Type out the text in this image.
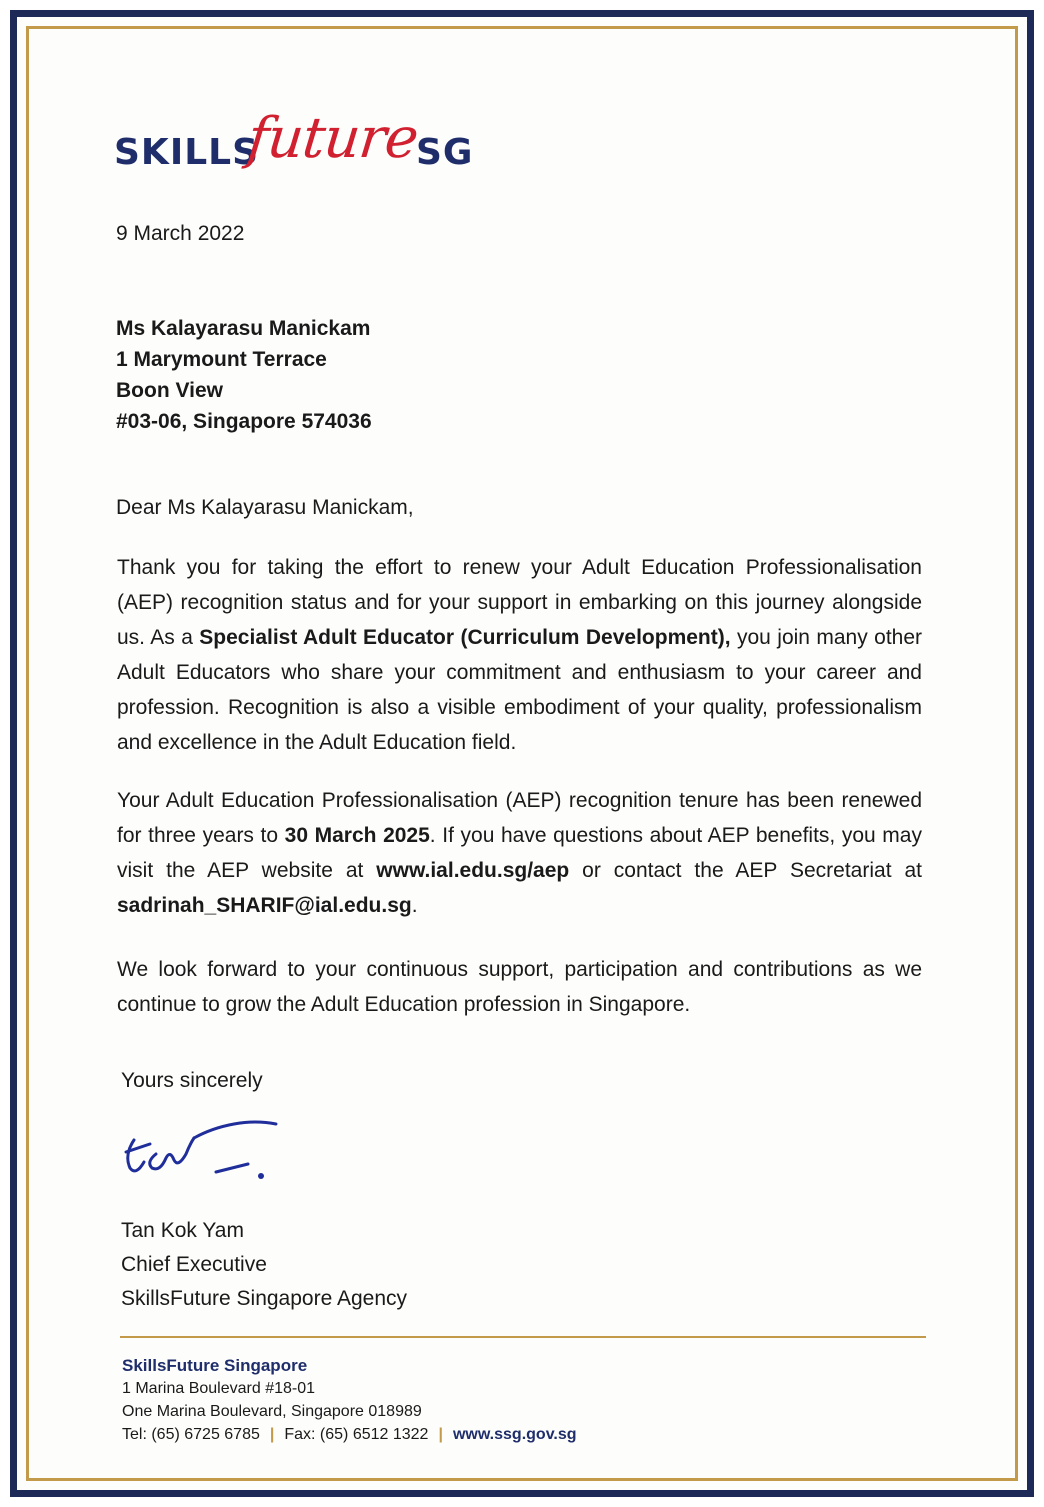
SKILLS
future
SG
9 March 2022
Ms Kalayarasu Manickam
1 Marymount Terrace
Boon View
#03-06, Singapore 574036
Dear Ms Kalayarasu Manickam,
Thank you for taking the effort to renew your Adult Education Professionalisation (AEP) recognition status and for your support in embarking on this journey alongside us. As a Specialist Adult Educator (Curriculum Development), you join many other Adult Educators who share your commitment and enthusiasm to your career and profession. Recognition is also a visible embodiment of your quality, professionalism and excellence in the Adult Education field.
Your Adult Education Professionalisation (AEP) recognition tenure has been renewed for three years to 30 March 2025. If you have questions about AEP benefits, you may visit the AEP website at www.ial.edu.sg/aep or contact the AEP Secretariat at sadrinah_SHARIF@ial.edu.sg.
We look forward to your continuous support, participation and contributions as we continue to grow the Adult Education profession in Singapore.
Yours sincerely
Tan Kok Yam
Chief Executive
SkillsFuture Singapore Agency
SkillsFuture Singapore
1 Marina Boulevard #18-01
One Marina Boulevard, Singapore 018989
Tel: (65) 6725 6785 | Fax: (65) 6512 1322 | www.ssg.gov.sg
